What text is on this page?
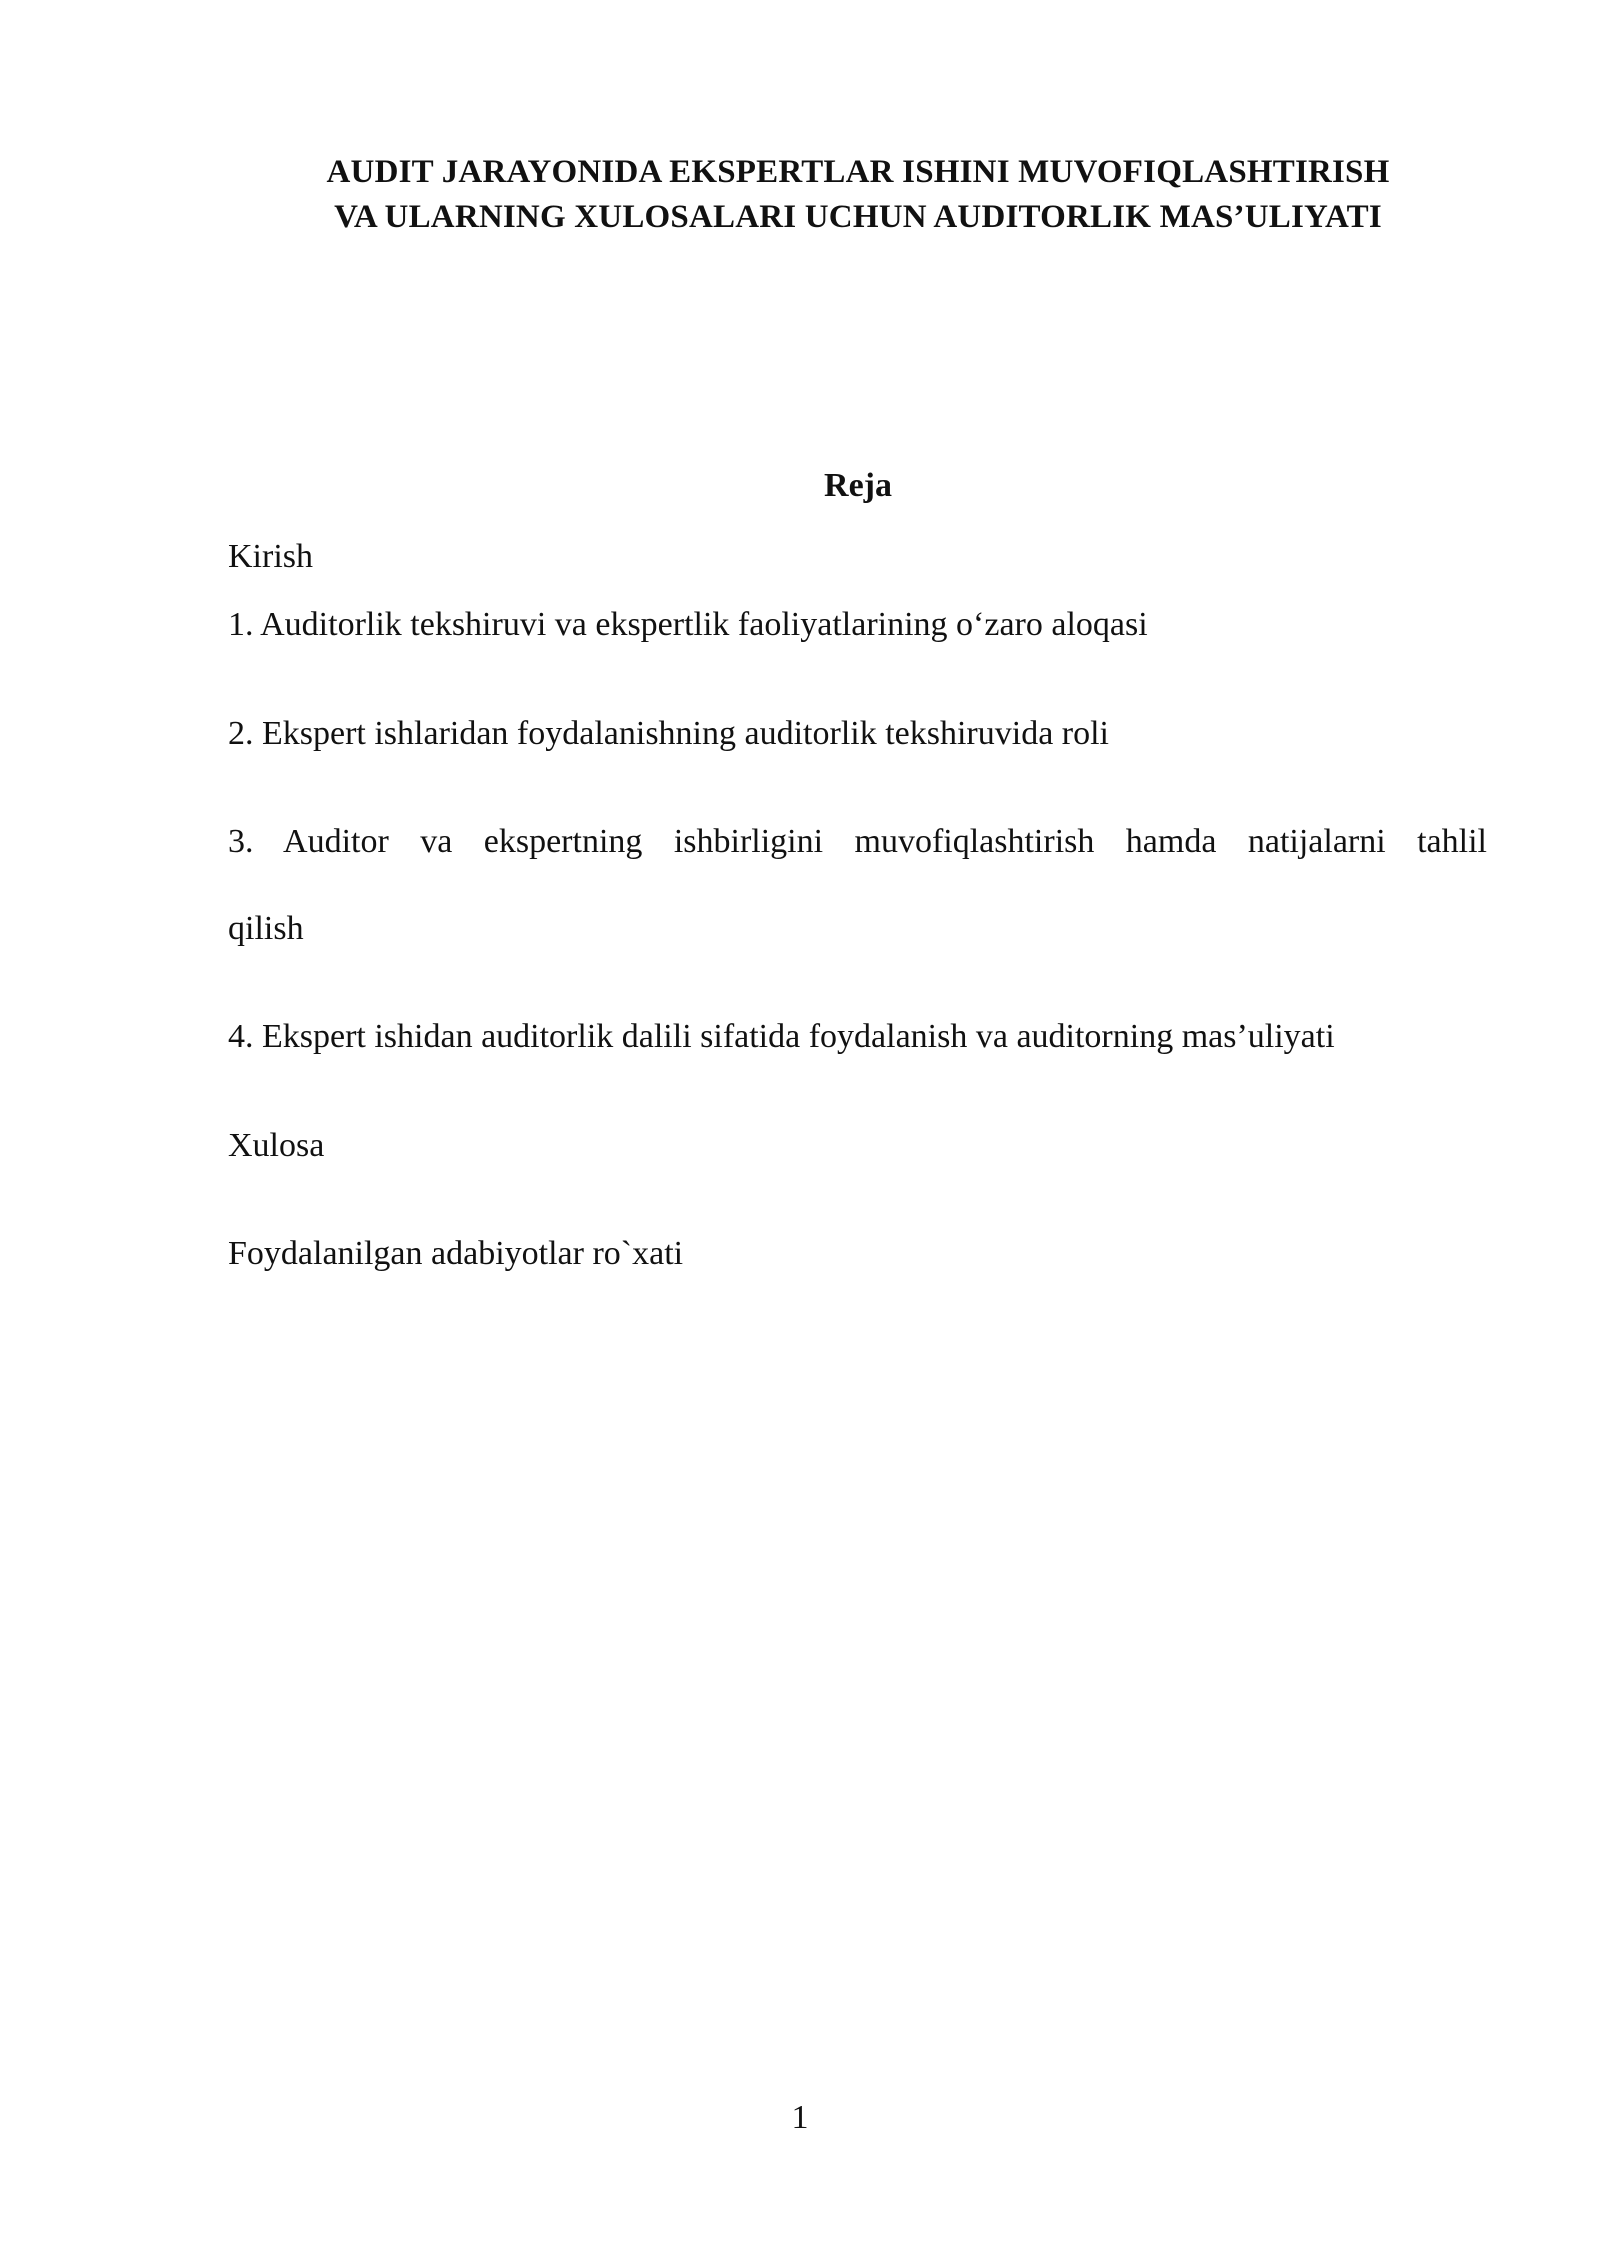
AUDIT JARAYONIDA EKSPERTLAR ISHINI MUVOFIQLASHTIRISH
VA ULARNING XULOSALARI UCHUN AUDITORLIK MAS’ULIYATI
Reja
Kirish
1. Auditorlik tekshiruvi va ekspertlik faoliyatlarining o‘zaro aloqasi
2. Ekspert ishlaridan foydalanishning auditorlik tekshiruvida roli
3. Auditor va ekspertning ishbirligini muvofiqlashtirish hamda natijalarni tahlil
qilish
4. Ekspert ishidan auditorlik dalili sifatida foydalanish va auditorning mas’uliyati
Xulosa
Foydalanilgan adabiyotlar ro`xati
1
